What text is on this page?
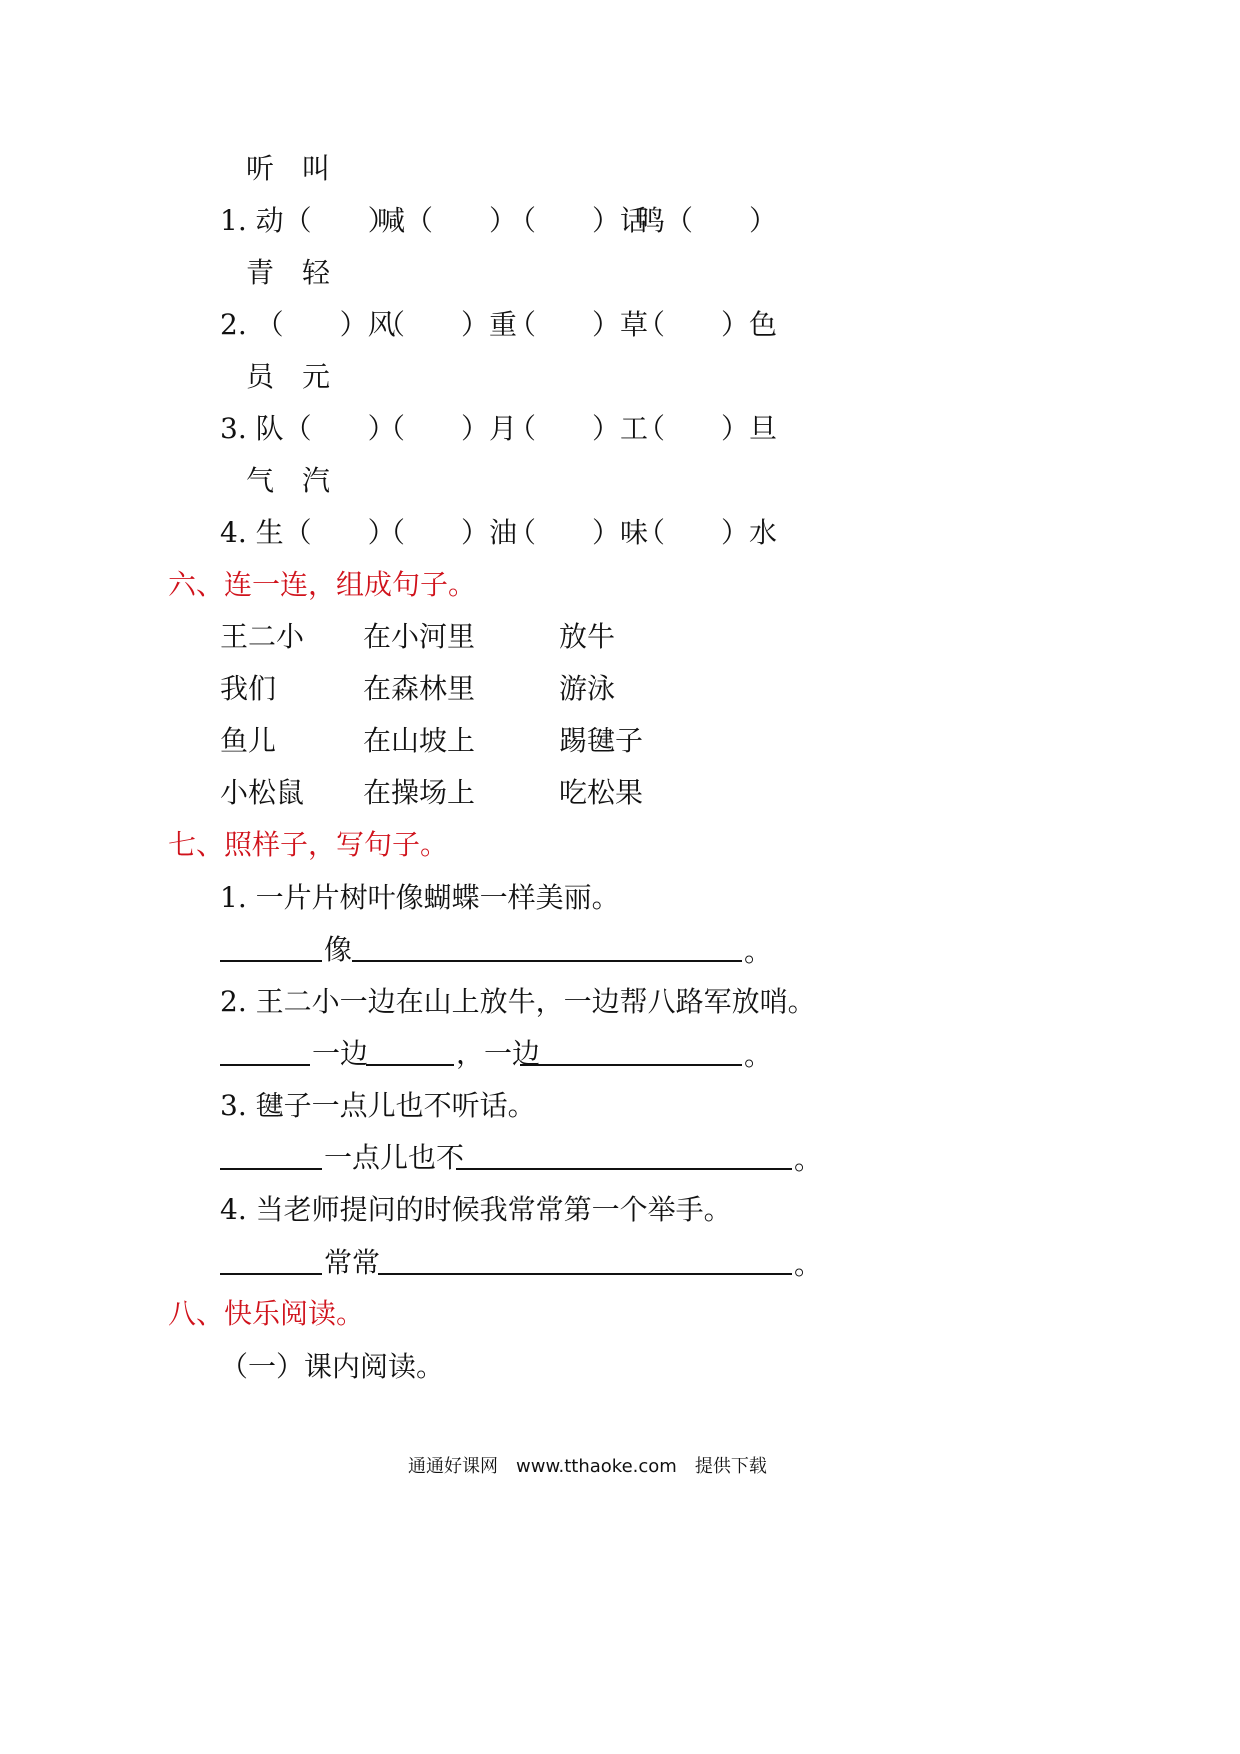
听　叫
1. 动（　　）
喊（　　）
（　　）话
鸣（　　）
青　轻
2. （　　）风
（　　）重
（　　）草
（　　）色
员　元
3. 队（　　）
（　　）月
（　　）工
（　　）旦
气　汽
4. 生（　　）
（　　）油
（　　）味
（　　）水
六、连一连，组成句子。
王二小 在小河里	放牛
我们	在森林里	游泳
鱼儿	在山坡上	踢毽子
小松鼠 在操场上	吃松果
七、照样子，写句子。
1. 一片片树叶像蝴蝶一样美丽。
像	。
2. 王二小一边在山上放牛，一边帮八路军放哨。
一边	，一边	。
3. 毽子一点儿也不听话。
一点儿也不	。
4. 当老师提问的时候我常常第一个举手。
常常	。
八、快乐阅读。
（一）课内阅读。
通通好课网　www.tthaoke.com　提供下载
